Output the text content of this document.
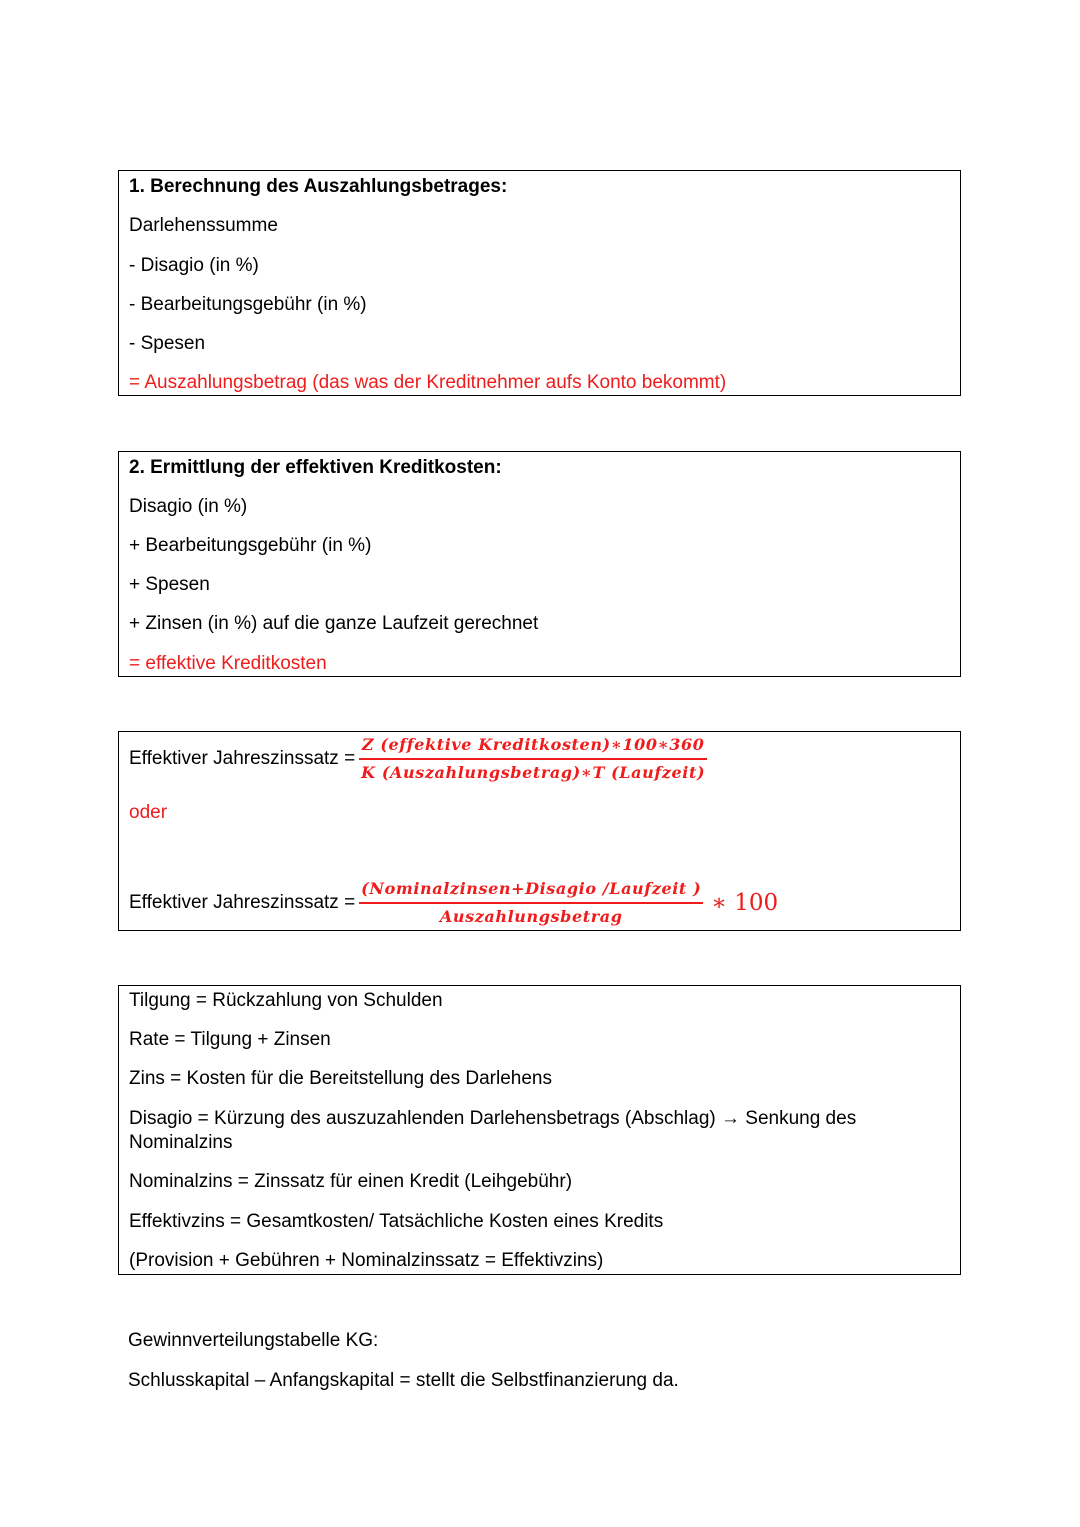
1. Berechnung des Auszahlungsbetrages:
Darlehenssumme
- Disagio (in %)
- Bearbeitungsgebühr (in %)
- Spesen
= Auszahlungsbetrag (das was der Kreditnehmer aufs Konto bekommt)
2. Ermittlung der effektiven Kreditkosten:
Disagio (in %)
+ Bearbeitungsgebühr (in %)
+ Spesen
+ Zinsen (in %) auf die ganze Laufzeit gerechnet
= effektive Kreditkosten
Effektiver Jahreszinssatz = $\frac{\text{Z (effektive Kreditkosten)∗100∗360}}{\text{K (Auszahlungsbetrag)∗T (Laufzeit)}}$
oder
Effektiver Jahreszinssatz = $\frac{\text{(Nominalzinsen+Disagio /Laufzeit )}}{\text{Auszahlungsbetrag}}$ ∗ 100
Tilgung = Rückzahlung von Schulden
Rate = Tilgung + Zinsen
Zins = Kosten für die Bereitstellung des Darlehens
Disagio = Kürzung des auszuzahlenden Darlehensbetrags (Abschlag) → Senkung des Nominalzins
Nominalzins = Zinssatz für einen Kredit (Leihgebühr)
Effektivzins = Gesamtkosten/ Tatsächliche Kosten eines Kredits
(Provision + Gebühren + Nominalzinssatz = Effektivzins)
Gewinnverteilungstabelle KG:
Schlusskapital – Anfangskapital = stellt die Selbstfinanzierung da.
